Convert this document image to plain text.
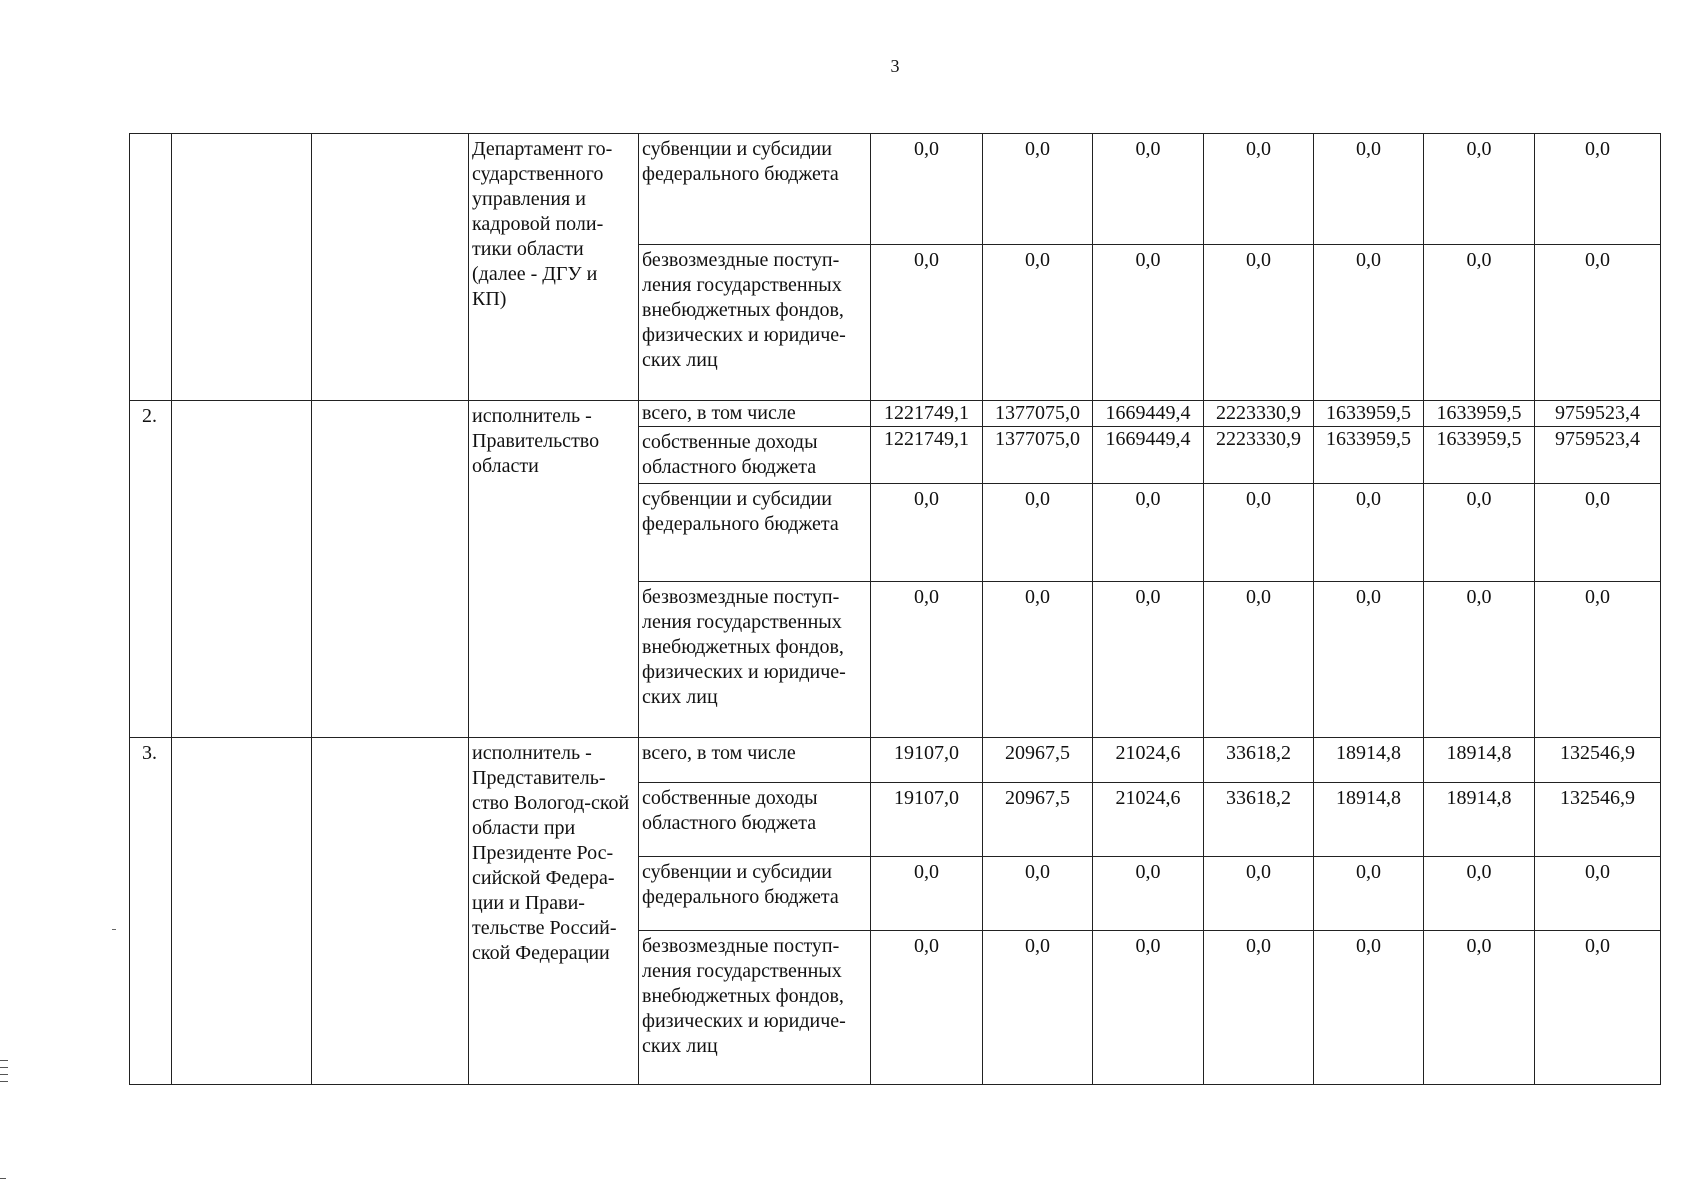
3
			Департамент го-сударственного управления и кадровой поли-тики области (далее - ДГУ и КП)	субвенции и субсидии федерального бюджета	0,0	0,0	0,0	0,0	0,0	0,0	0,0
				безвозмездные поступ-ления государственных внебюджетных фондов, физических и юридиче-ских лиц	0,0	0,0	0,0	0,0	0,0	0,0	0,0
2.			исполнитель - Правительство области	всего, в том числе	1221749,1	1377075,0	1669449,4	2223330,9	1633959,5	1633959,5	9759523,4
				собственные доходы областного бюджета	1221749,1	1377075,0	1669449,4	2223330,9	1633959,5	1633959,5	9759523,4
				субвенции и субсидии федерального бюджета	0,0	0,0	0,0	0,0	0,0	0,0	0,0
				безвозмездные поступ-ления государственных внебюджетных фондов, физических и юридиче-ских лиц	0,0	0,0	0,0	0,0	0,0	0,0	0,0
3.			исполнитель - Представитель-ство Вологод-ской области при Президенте Рос-сийской Федера-ции и Прави-тельстве Россий-ской Федерации	всего, в том числе	19107,0	20967,5	21024,6	33618,2	18914,8	18914,8	132546,9
				собственные доходы областного бюджета	19107,0	20967,5	21024,6	33618,2	18914,8	18914,8	132546,9
				субвенции и субсидии федерального бюджета	0,0	0,0	0,0	0,0	0,0	0,0	0,0
				безвозмездные поступ-ления государственных внебюджетных фондов, физических и юридиче-ских лиц	0,0	0,0	0,0	0,0	0,0	0,0	0,0
